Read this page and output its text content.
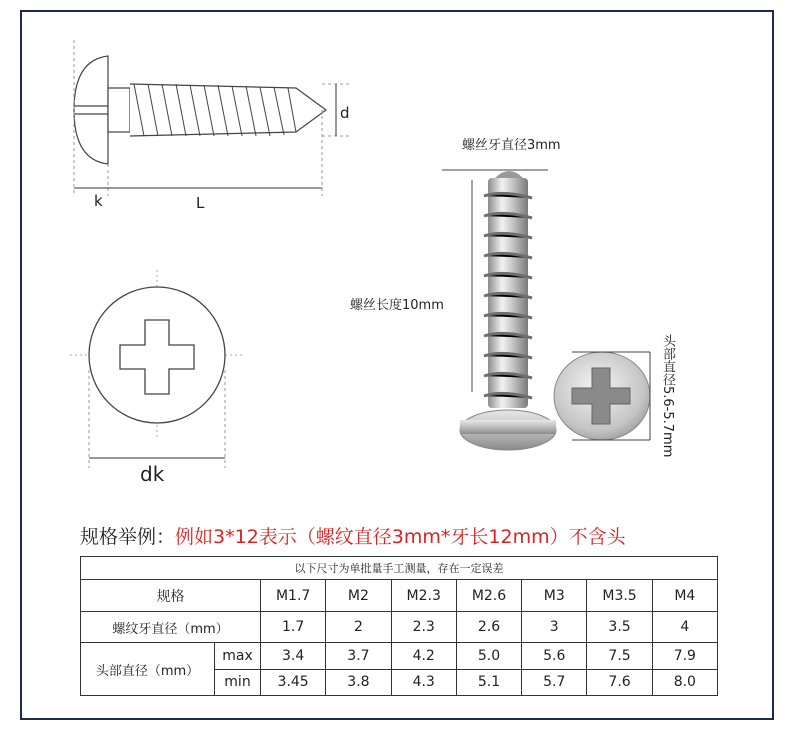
d
k	L
dk
螺丝牙直径3mm
螺丝长度10mm
头部直径5.6-5.7mm
规格举例：例如3*12表示（螺纹直径3mm*牙长12mm）不含头
以下尺寸为单批量手工测量，存在一定误差								
规格		M1.7	M2	M2.3	M2.6	M3	M3.5	M4
螺纹牙直径（mm）		1.7	2	2.3	2.6	3	3.5	4
头部直径（mm）	max	3.4	3.7	4.2	5.0	5.6	7.5	7.9
	min	3.45	3.8	4.3	5.1	5.7	7.6	8.0
